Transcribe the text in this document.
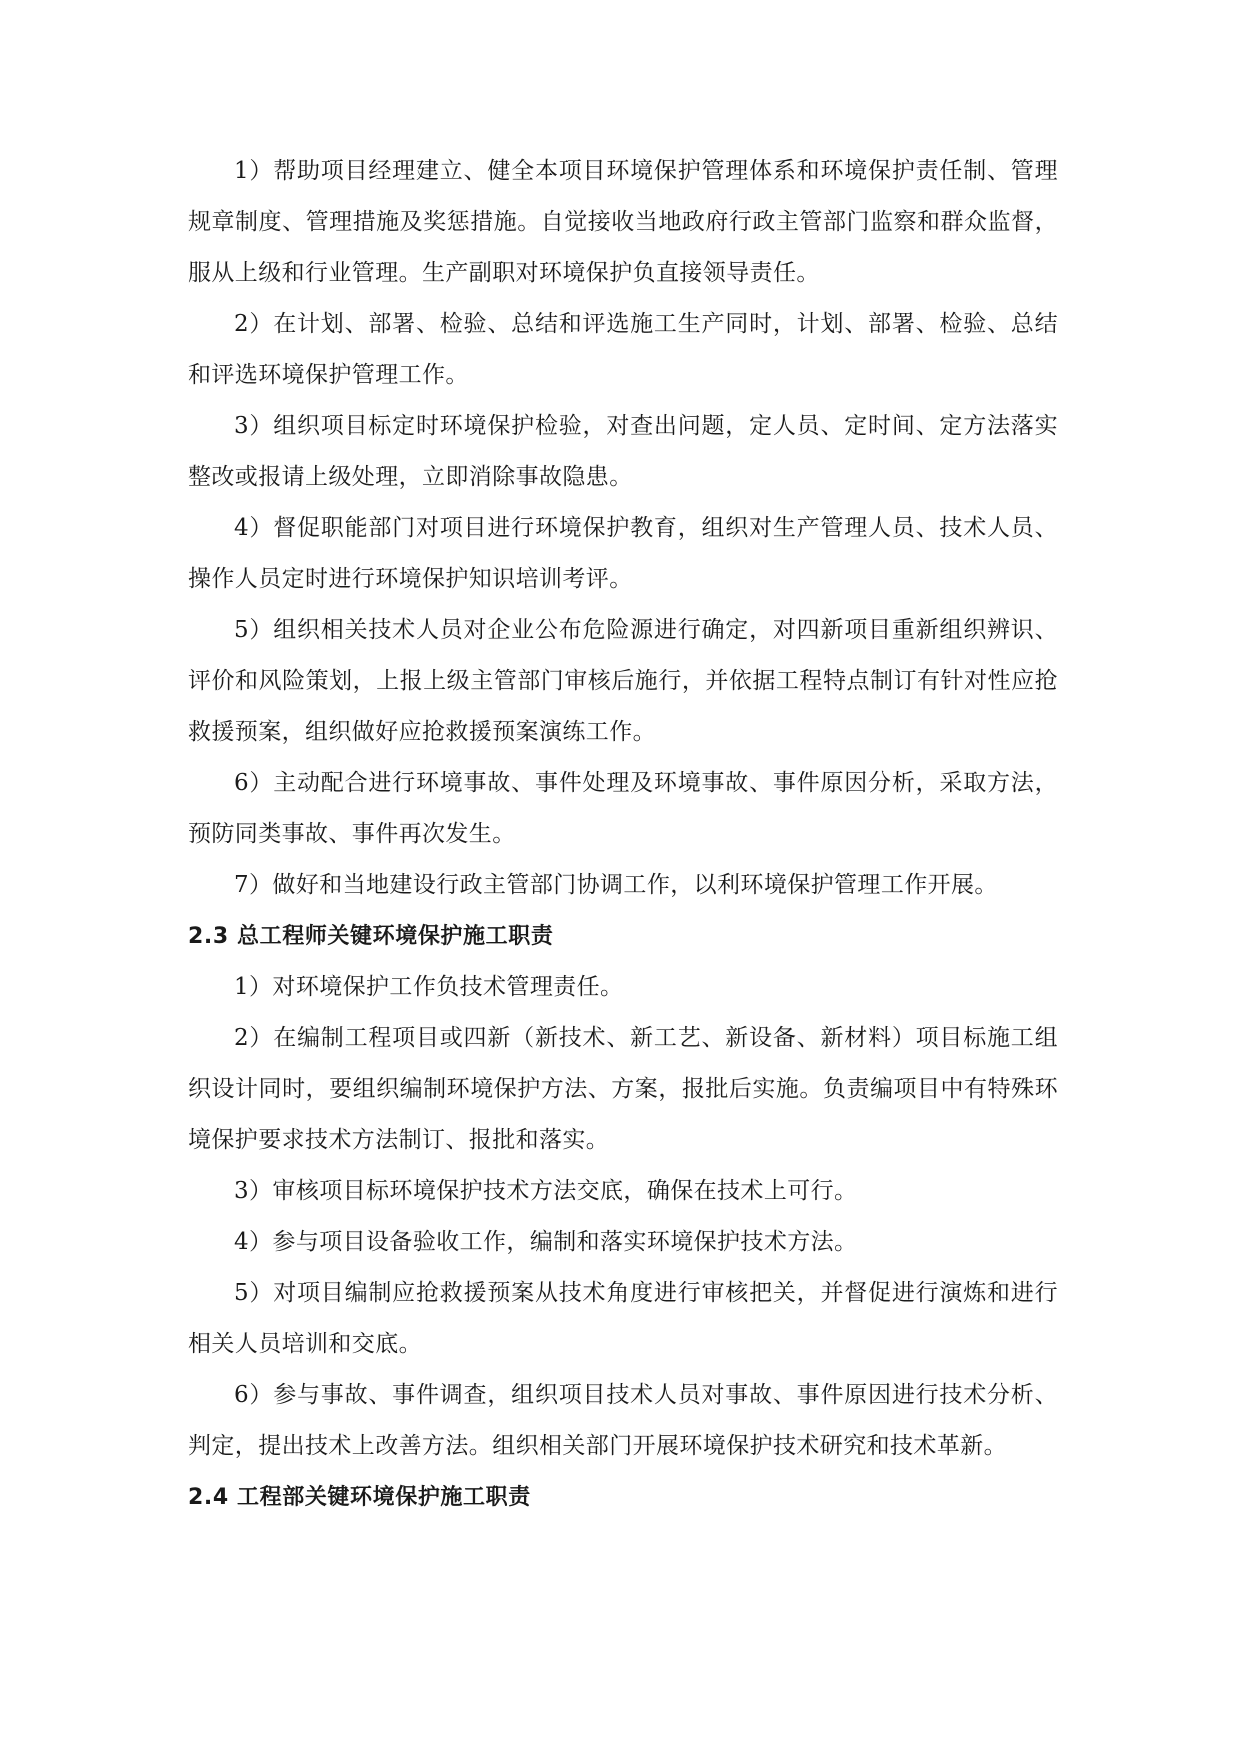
1）帮助项目经理建立、健全本项目环境保护管理体系和环境保护责任制、管理规章制度、管理措施及奖惩措施。自觉接收当地政府行政主管部门监察和群众监督，服从上级和行业管理。生产副职对环境保护负直接领导责任。

2）在计划、部署、检验、总结和评选施工生产同时，计划、部署、检验、总结和评选环境保护管理工作。

3）组织项目标定时环境保护检验，对查出问题，定人员、定时间、定方法落实整改或报请上级处理，立即消除事故隐患。

4）督促职能部门对项目进行环境保护教育，组织对生产管理人员、技术人员、操作人员定时进行环境保护知识培训考评。

5）组织相关技术人员对企业公布危险源进行确定，对四新项目重新组织辨识、评价和风险策划，上报上级主管部门审核后施行，并依据工程特点制订有针对性应抢救援预案，组织做好应抢救援预案演练工作。

6）主动配合进行环境事故、事件处理及环境事故、事件原因分析，采取方法，预防同类事故、事件再次发生。

7）做好和当地建设行政主管部门协调工作，以利环境保护管理工作开展。

2.3 总工程师关键环境保护施工职责

1）对环境保护工作负技术管理责任。

2）在编制工程项目或四新（新技术、新工艺、新设备、新材料）项目标施工组织设计同时，要组织编制环境保护方法、方案，报批后实施。负责编项目中有特殊环境保护要求技术方法制订、报批和落实。

3）审核项目标环境保护技术方法交底，确保在技术上可行。

4）参与项目设备验收工作，编制和落实环境保护技术方法。

5）对项目编制应抢救援预案从技术角度进行审核把关，并督促进行演炼和进行相关人员培训和交底。

6）参与事故、事件调查，组织项目技术人员对事故、事件原因进行技术分析、判定，提出技术上改善方法。组织相关部门开展环境保护技术研究和技术革新。

2.4 工程部关键环境保护施工职责
